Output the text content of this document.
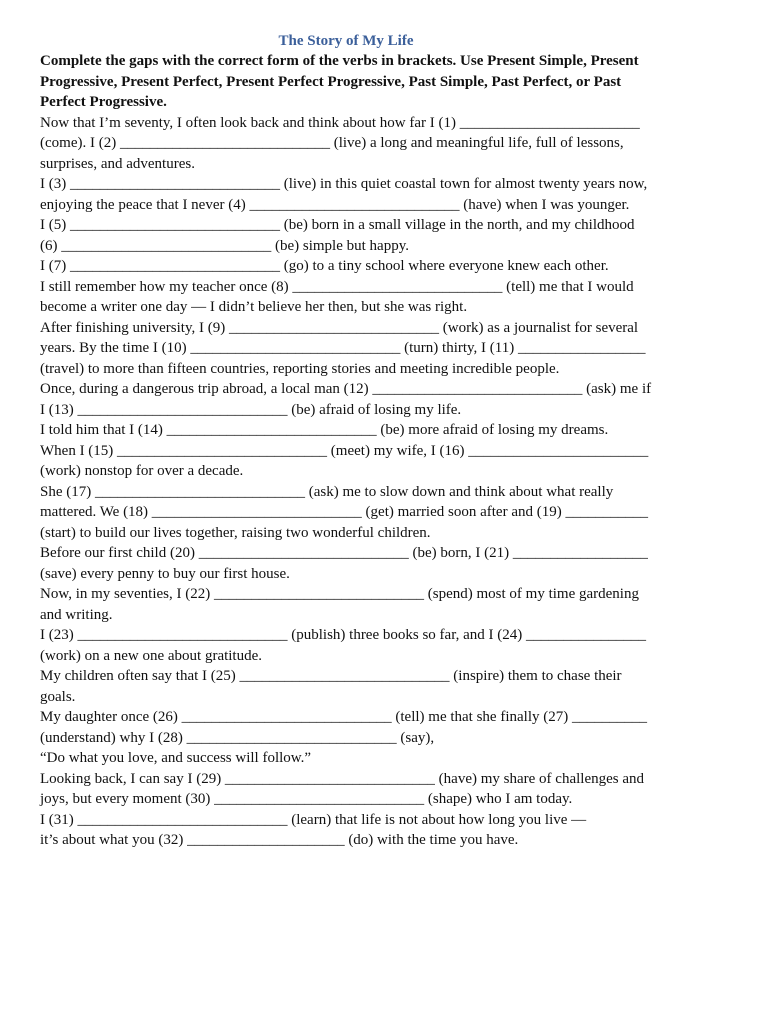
The Story of My Life
Complete the gaps with the correct form of the verbs in brackets. Use Present Simple, Present
Progressive, Present Perfect, Present Perfect Progressive, Past Simple, Past Perfect, or Past
Perfect Progressive.
Now that I’m seventy, I often look back and think about how far I (1) ________________________
(come). I (2) ____________________________ (live) a long and meaningful life, full of lessons,
surprises, and adventures.
I (3) ____________________________ (live) in this quiet coastal town for almost twenty years now,
enjoying the peace that I never (4) ____________________________ (have) when I was younger.
I (5) ____________________________ (be) born in a small village in the north, and my childhood
(6) ____________________________ (be) simple but happy.
I (7) ____________________________ (go) to a tiny school where everyone knew each other.
I still remember how my teacher once (8) ____________________________ (tell) me that I would
become a writer one day — I didn’t believe her then, but she was right.
After finishing university, I (9) ____________________________ (work) as a journalist for several
years. By the time I (10) ____________________________ (turn) thirty, I (11) _________________
(travel) to more than fifteen countries, reporting stories and meeting incredible people.
Once, during a dangerous trip abroad, a local man (12) ____________________________ (ask) me if
I (13) ____________________________ (be) afraid of losing my life.
I told him that I (14) ____________________________ (be) more afraid of losing my dreams.
When I (15) ____________________________ (meet) my wife, I (16) ________________________
(work) nonstop for over a decade.
She (17) ____________________________ (ask) me to slow down and think about what really
mattered. We (18) ____________________________ (get) married soon after and (19) ___________
(start) to build our lives together, raising two wonderful children.
Before our first child (20) ____________________________ (be) born, I (21) __________________
(save) every penny to buy our first house.
Now, in my seventies, I (22) ____________________________ (spend) most of my time gardening
and writing.
I (23) ____________________________ (publish) three books so far, and I (24) ________________
(work) on a new one about gratitude.
My children often say that I (25) ____________________________ (inspire) them to chase their
goals.
My daughter once (26) ____________________________ (tell) me that she finally (27) __________
(understand) why I (28) ____________________________ (say),
“Do what you love, and success will follow.”
Looking back, I can say I (29) ____________________________ (have) my share of challenges and
joys, but every moment (30) ____________________________ (shape) who I am today.
I (31) ____________________________ (learn) that life is not about how long you live —
it’s about what you (32) _____________________ (do) with the time you have.
